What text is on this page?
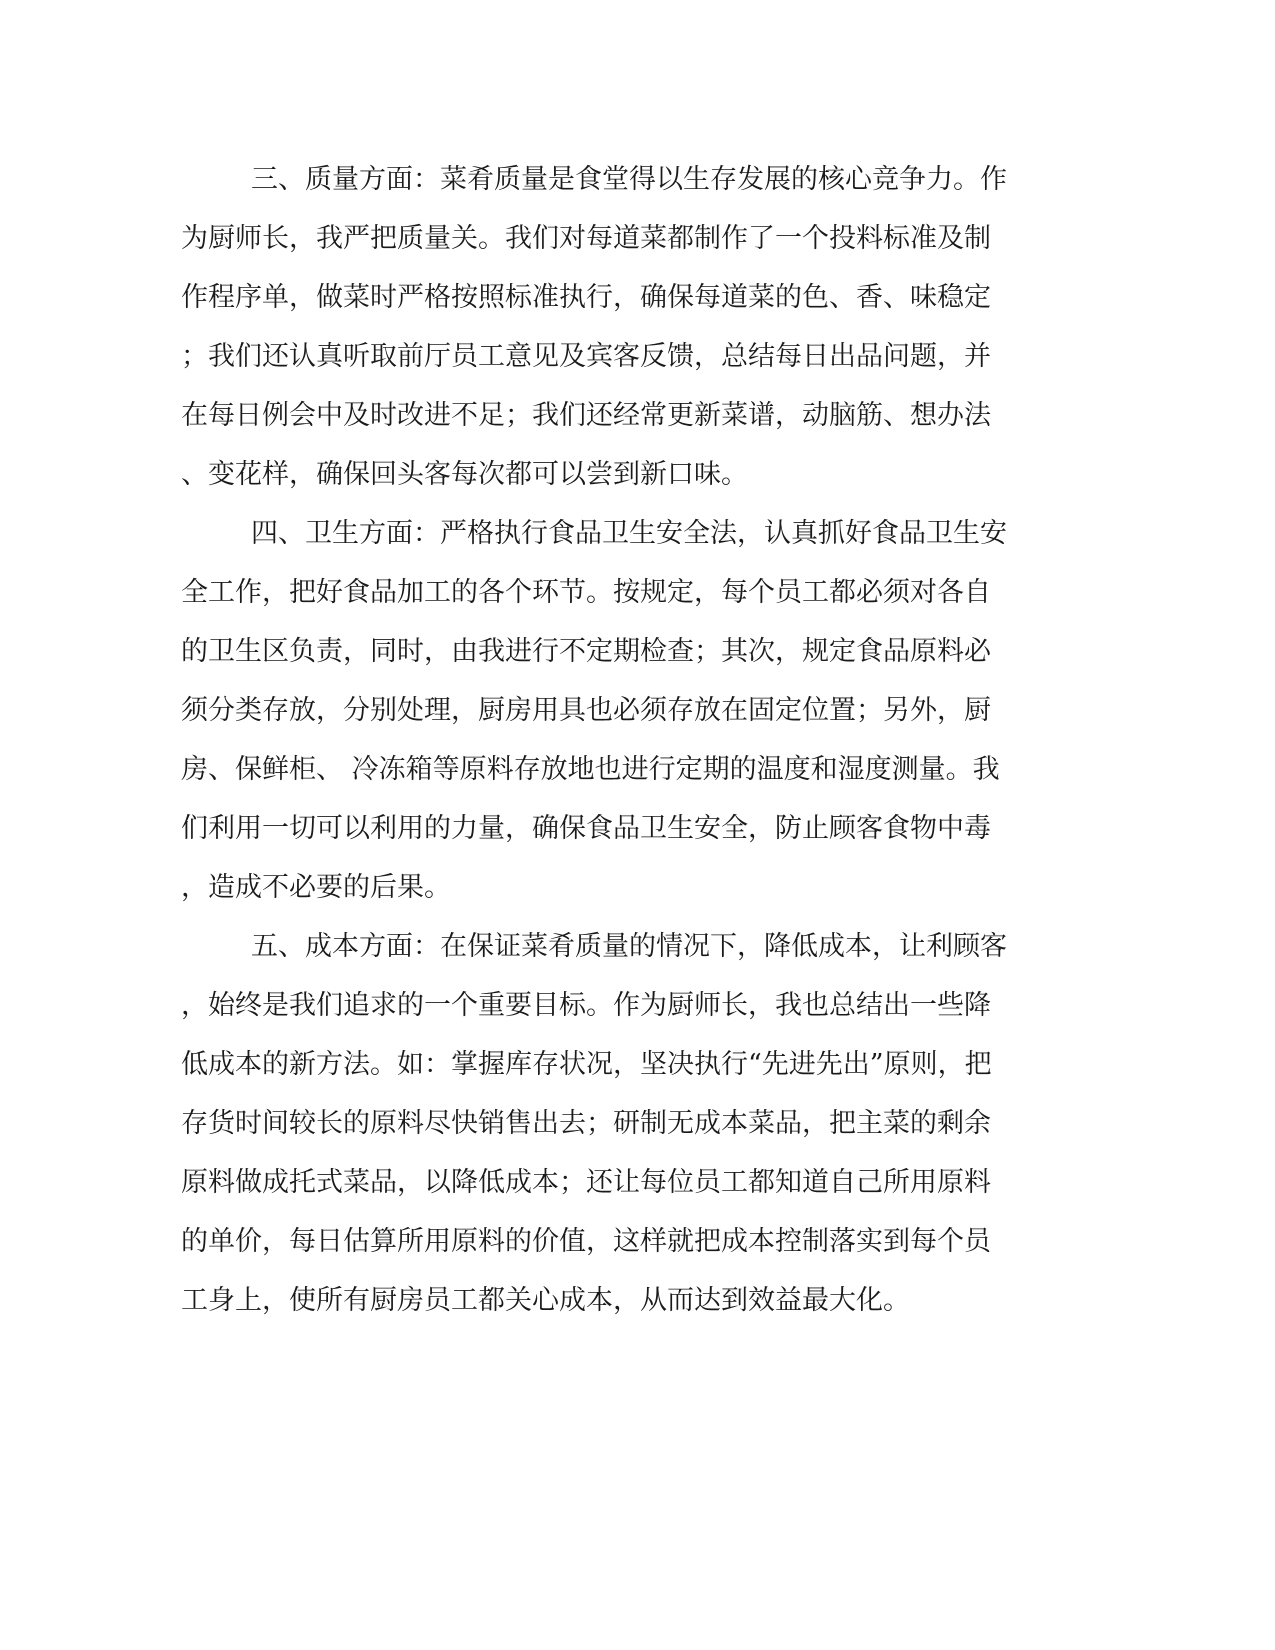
三、质量方面：菜肴质量是食堂得以生存发展的核心竞争力。作
为厨师长，我严把质量关。我们对每道菜都制作了一个投料标准及制
作程序单，做菜时严格按照标准执行，确保每道菜的色、香、味稳定
；我们还认真听取前厅员工意见及宾客反馈，总结每日出品问题，并
在每日例会中及时改进不足；我们还经常更新菜谱，动脑筋、想办法
、变花样，确保回头客每次都可以尝到新口味。
四、卫生方面：严格执行食品卫生安全法，认真抓好食品卫生安
全工作，把好食品加工的各个环节。按规定，每个员工都必须对各自
的卫生区负责，同时，由我进行不定期检查；其次，规定食品原料必
须分类存放，分别处理，厨房用具也必须存放在固定位置；另外，厨
房、保鲜柜、 冷冻箱等原料存放地也进行定期的温度和湿度测量。我
们利用一切可以利用的力量，确保食品卫生安全，防止顾客食物中毒
，造成不必要的后果。
五、成本方面：在保证菜肴质量的情况下，降低成本，让利顾客
，始终是我们追求的一个重要目标。作为厨师长，我也总结出一些降
低成本的新方法。如：掌握库存状况，坚决执行“先进先出”原则，把
存货时间较长的原料尽快销售出去；研制无成本菜品，把主菜的剩余
原料做成托式菜品，以降低成本；还让每位员工都知道自己所用原料
的单价，每日估算所用原料的价值，这样就把成本控制落实到每个员
工身上，使所有厨房员工都关心成本，从而达到效益最大化。
